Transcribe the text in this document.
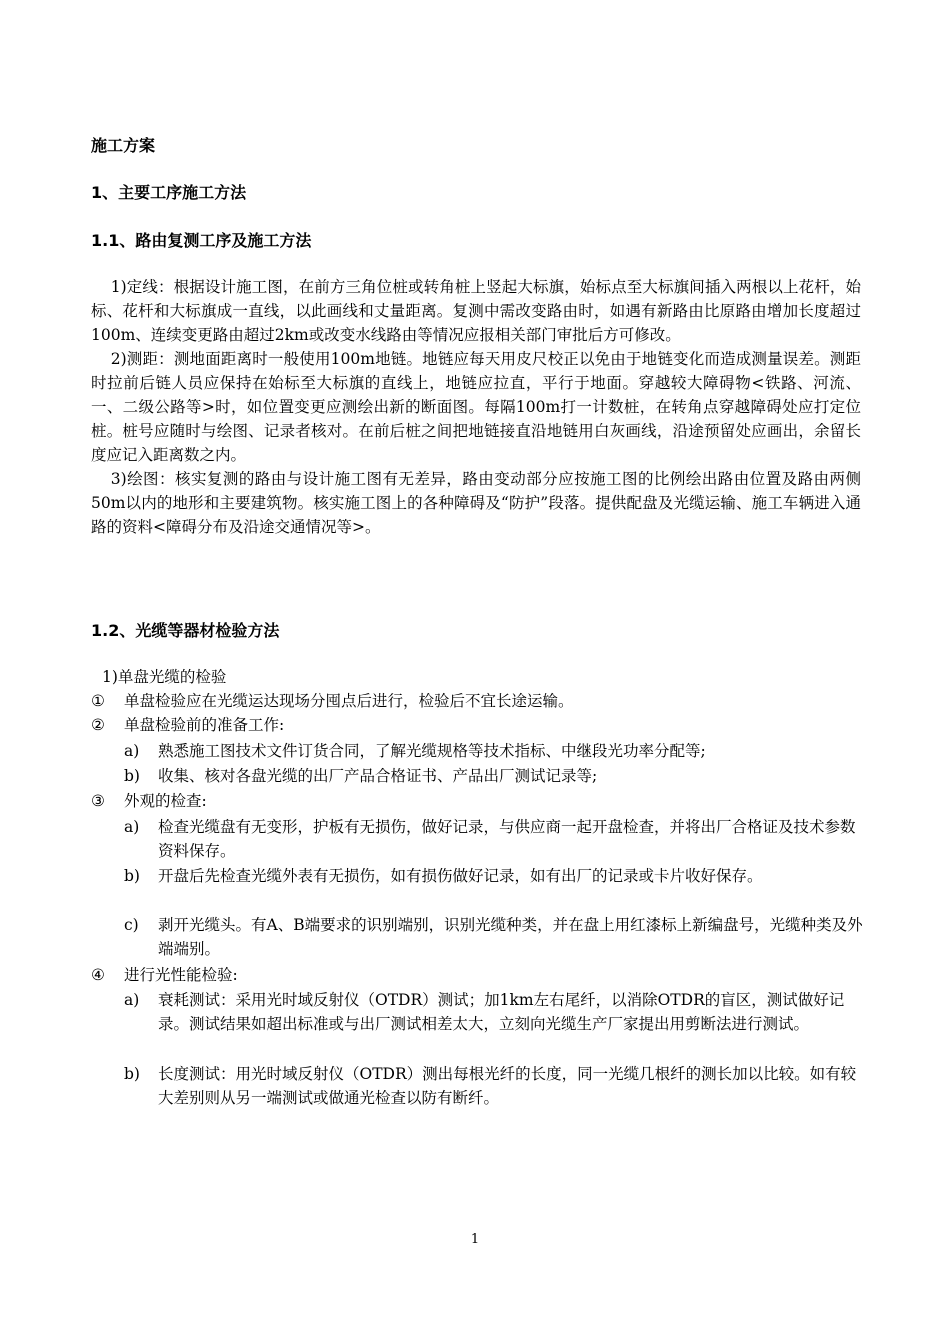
施工方案
1、主要工序施工方法
1.1、路由复测工序及施工方法

1)定线：根据设计施工图，在前方三角位桩或转角桩上竖起大标旗，始标点至大标旗间插入两根以上花杆，始标、花杆和大标旗成一直线，以此画线和丈量距离。复测中需改变路由时，如遇有新路由比原路由增加长度超过100m、连续变更路由超过2km或改变水线路由等情况应报相关部门审批后方可修改。

2)测距：测地面距离时一般使用100m地链。地链应每天用皮尺校正以免由于地链变化而造成测量误差。测距时拉前后链人员应保持在始标至大标旗的直线上，地链应拉直，平行于地面。穿越较大障碍物<铁路、河流、一、二级公路等>时，如位置变更应测绘出新的断面图。每隔100m打一计数桩，在转角点穿越障碍处应打定位桩。桩号应随时与绘图、记录者核对。在前后桩之间把地链接直沿地链用白灰画线，沿途预留处应画出，余留长度应记入距离数之内。

3)绘图：核实复测的路由与设计施工图有无差异，路由变动部分应按施工图的比例绘出路由位置及路由两侧50m以内的地形和主要建筑物。核实施工图上的各种障碍及“防护”段落。提供配盘及光缆运输、施工车辆进入通路的资料<障碍分布及沿途交通情况等>。

1.2、光缆等器材检验方法
1)单盘光缆的检验
①	单盘检验应在光缆运达现场分囤点后进行，检验后不宜长途运输。
②	单盘检验前的准备工作:
a)	熟悉施工图技术文件订货合同，了解光缆规格等技术指标、中继段光功率分配等;
b)	收集、核对各盘光缆的出厂产品合格证书、产品出厂测试记录等;
③	外观的检查:
a)	检查光缆盘有无变形，护板有无损伤，做好记录，与供应商一起开盘检查，并将出厂合格证及技术参数资料保存。
b)	开盘后先检查光缆外表有无损伤，如有损伤做好记录，如有出厂的记录或卡片收好保存。
c)	剥开光缆头。有A、B端要求的识别端别，识别光缆种类，并在盘上用红漆标上新编盘号，光缆种类及外端端别。
④	进行光性能检验:
a)	衰耗测试：采用光时域反射仪（OTDR）测试；加1km左右尾纤，以消除OTDR的盲区，测试做好记录。测试结果如超出标准或与出厂测试相差太大，立刻向光缆生产厂家提出用剪断法进行测试。
b)	长度测试：用光时域反射仪（OTDR）测出每根光纤的长度，同一光缆几根纤的测长加以比较。如有较大差别则从另一端测试或做通光检查以防有断纤。
1
